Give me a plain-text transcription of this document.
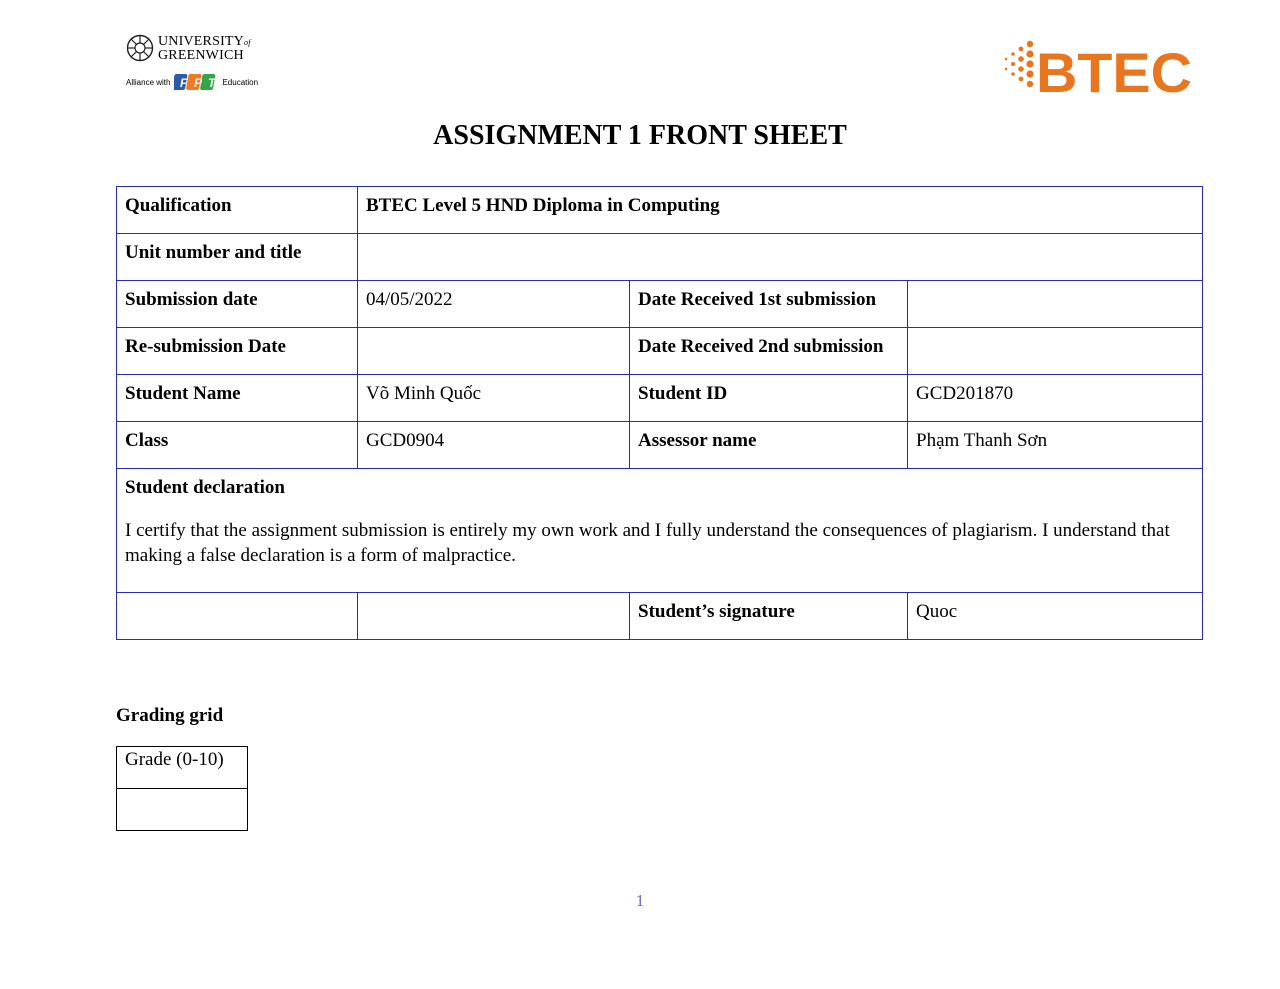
UNIVERSITYof
GREENWICH
Alliance with F P T Education	BTEC
ASSIGNMENT 1 FRONT SHEET
Qualification	BTEC Level 5 HND Diploma in Computing		
Unit number and title			
Submission date	04/05/2022	Date Received 1st submission	
Re-submission Date		Date Received 2nd submission	
Student Name	Võ Minh Quốc	Student ID	GCD201870
Class	GCD0904	Assessor name	Phạm Thanh Sơn

Student declaration
I certify that the assignment submission is entirely my own work and I fully understand the consequences of plagiarism. I understand that making a false declaration is a form of malpractice.			

		Student’s signature	Quoc
Grading grid
Grade (0-10)

1
